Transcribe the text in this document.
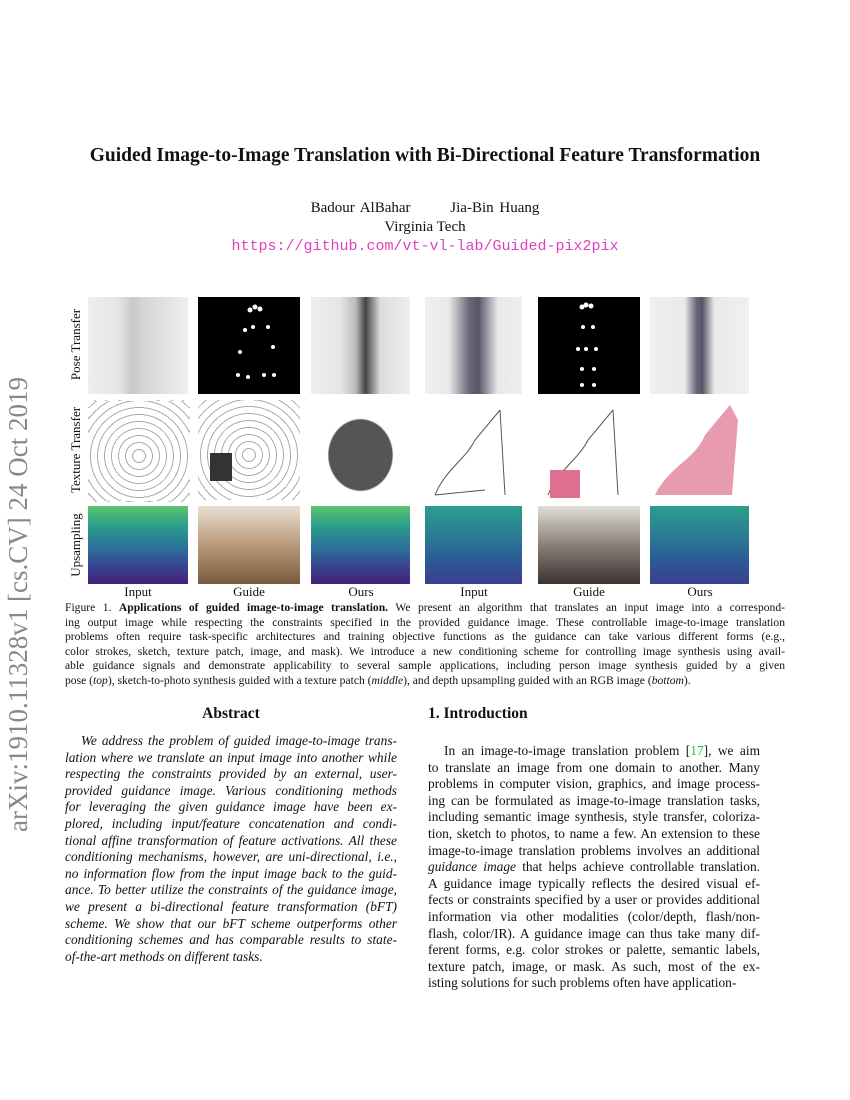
arXiv:1910.11328v1 [cs.CV] 24 Oct 2019
Guided Image-to-Image Translation with Bi-Directional Feature Transformation
Badour AlBahar	Jia-Bin Huang
Virginia Tech
https://github.com/vt-vl-lab/Guided-pix2pix
Pose Transfer
Texture Transfer
Upsampling
Input	Guide	Ours	Input	Guide	Ours
Figure 1. Applications of guided image-to-image translation. We present an algorithm that translates an input image into a correspond-
ing output image while respecting the constraints specified in the provided guidance image. These controllable image-to-image translation
problems often require task-specific architectures and training objective functions as the guidance can take various different forms (e.g.,
color strokes, sketch, texture patch, image, and mask). We introduce a new conditioning scheme for controlling image synthesis using avail-
able guidance signals and demonstrate applicability to several sample applications, including person image synthesis guided by a given
pose (top), sketch-to-photo synthesis guided with a texture patch (middle), and depth upsampling guided with an RGB image (bottom).
Abstract
We address the problem of guided image-to-image trans-
lation where we translate an input image into another while
respecting the constraints provided by an external, user-
provided guidance image. Various conditioning methods
for leveraging the given guidance image have been ex-
plored, including input/feature concatenation and condi-
tional affine transformation of feature activations. All these
conditioning mechanisms, however, are uni-directional, i.e.,
no information flow from the input image back to the guid-
ance. To better utilize the constraints of the guidance image,
we present a bi-directional feature transformation (bFT)
scheme. We show that our bFT scheme outperforms other
conditioning schemes and has comparable results to state-
of-the-art methods on different tasks.
1. Introduction
In an image-to-image translation problem [17], we aim
to translate an image from one domain to another. Many
problems in computer vision, graphics, and image process-
ing can be formulated as image-to-image translation tasks,
including semantic image synthesis, style transfer, coloriza-
tion, sketch to photos, to name a few. An extension to these
image-to-image translation problems involves an additional
guidance image that helps achieve controllable translation.
A guidance image typically reflects the desired visual ef-
fects or constraints specified by a user or provides additional
information via other modalities (color/depth, flash/non-
flash, color/IR). A guidance image can thus take many dif-
ferent forms, e.g. color strokes or palette, semantic labels,
texture patch, image, or mask. As such, most of the ex-
isting solutions for such problems often have application-
